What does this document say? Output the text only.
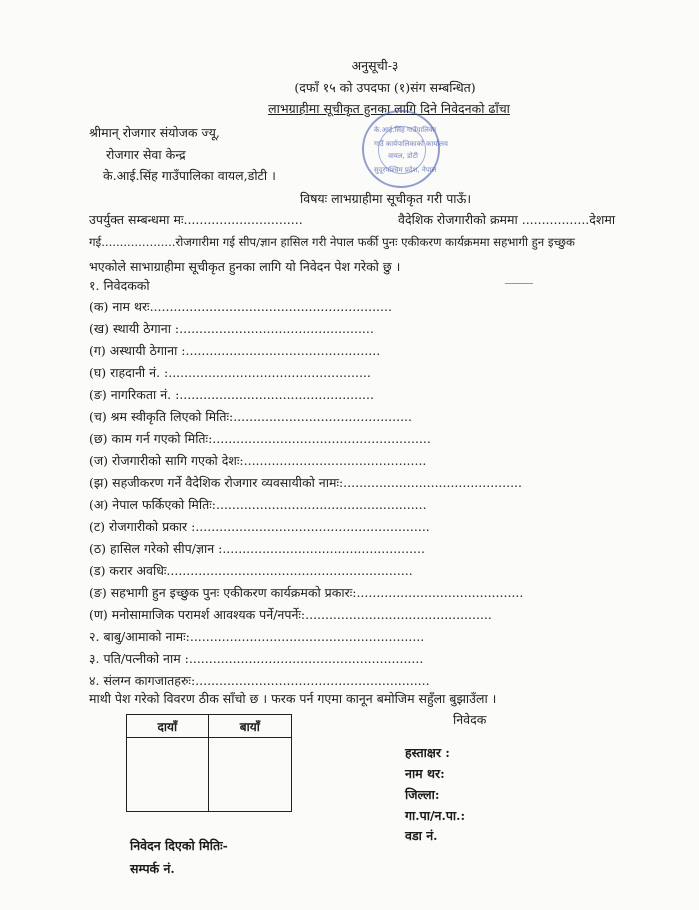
अनुसूची-३
(दफाँ १५ को उपदफा (१)संग सम्बन्धित)
लाभग्राहीमा सूचीकृत हुनका लागि दिने निवेदनको ढाँचा
के.आई.सिंह गाउँपालिका
गाउँ कार्यपालिकाको कार्यालय
वायल, डोटी
सुदूरपश्चिम प्रदेश, नेपाल
श्रीमान् रोजगार संयोजक ज्यू,
रोजगार सेवा केन्द्र
के.आई.सिंह गाउँपालिका वायल,डोटी ।
विषयः लाभग्राहीमा सूचीकृत गरी पाऊँ।
उपर्युक्त सम्बन्धमा मः..............................	वैदेशिक रोजगारीको क्रममा .................देशमा
गई...........…......रोजगारीमा गई सीप/ज्ञान हासिल गरी नेपाल फर्की पुनः एकीकरण कार्यक्रममा सहभागी हुन इच्छुक
भएकोले साभाग्राहीमा सूचीकृत हुनका लागि यो निवेदन पेश गरेको छु ।
१. निवेदकको
(क) नाम थरः.............................................................
(ख) स्थायी ठेगाना :.................................................
(ग) अस्थायी ठेगाना :.................................................
(घ) राहदानी नं. :...................................................
(ङ) नागरिकता नं. :.................................................
(च) श्रम स्वीकृति लिएको मितिः:.............................................
(छ) काम गर्न गएको मितिः:.......................................................
(ज) रोजगारीको सागि गएको देशः:..............................................
(झ) सहजीकरण गर्ने वैदेशिक रोजगार व्यवसायीको नामः:.............................................
(अ) नेपाल फर्किएको मितिः:.....................................................
(ट) रोजगारीको प्रकार :...........................................................
(ठ) हासिल गरेको सीप/ज्ञान :...................................................
(ड) करार अवधिः..............................................................
(ङ) सहभागी हुन इच्छुक पुनः एकीकरण कार्यक्रमको प्रकारः:..........................................
(ण) मनोसामाजिक परामर्श आवश्यक पर्ने/नपर्नेः:...............................................
२. बाबु/आमाको नामः:...........................................................
३. पति/पत्नीको नाम :...........................................................
४. संलग्न कागजातहरुः:...........................................................
माथी पेश गरेको विवरण ठीक साँचो छ । फरक पर्न गएमा कानून बमोजिम सहुँला बुझाउँला ।
निवेदक
दायाँ	बायाँ

हस्ताक्षर :
नाम थर:
जिल्ला:
गा.पा/न.पा.:
वडा नं.
निवेदन दिएको मितिः-
सम्पर्क नं.
